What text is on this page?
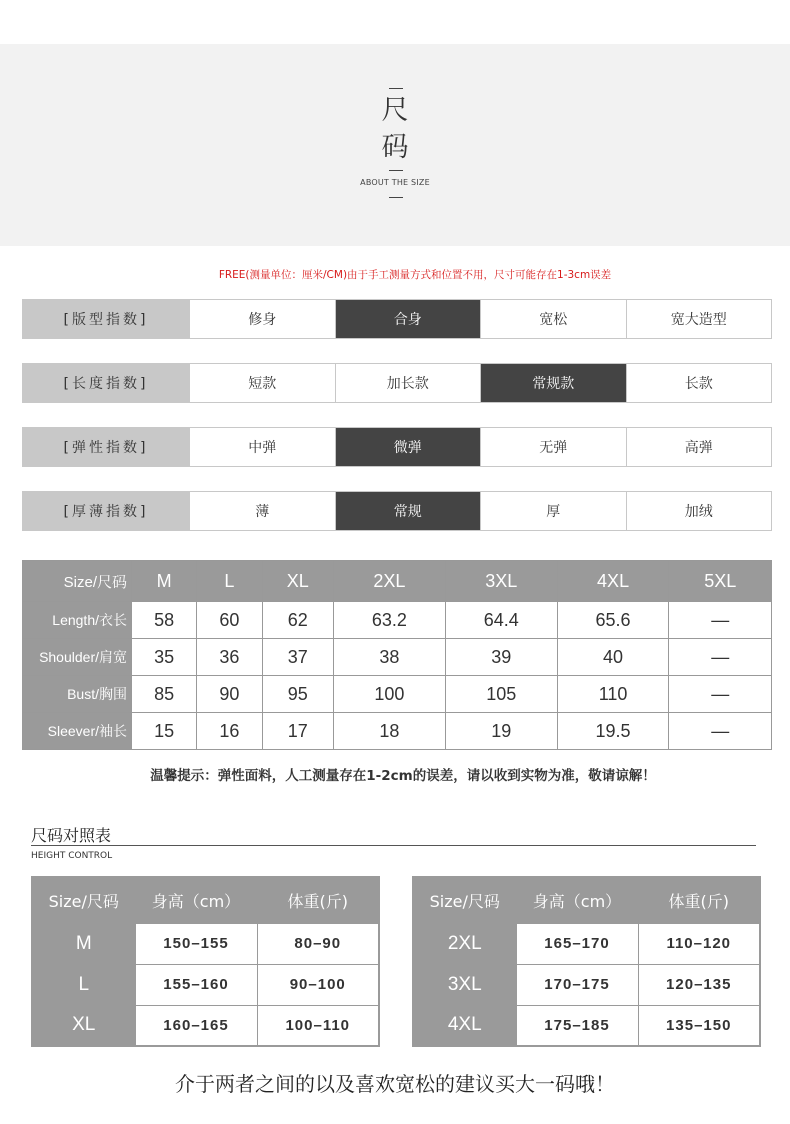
尺
码
ABOUT THE SIZE
FREE(测量单位：厘米/CM)由于手工测量方式和位置不用，尺寸可能存在1-3cm误差
[版型指数]	修身	合身	宽松	宽大造型
[长度指数]	短款	加长款	常规款	长款
[弹性指数]	中弹	微弹	无弹	高弹
[厚薄指数]	薄	常规	厚	加绒
Size/尺码	M	L	XL	2XL	3XL	4XL	5XL
Length/衣长	58	60	62	63.2	64.4	65.6	—
Shoulder/肩宽	35	36	37	38	39	40	—
Bust/胸围	85	90	95	100	105	110	—
Sleever/袖长	15	16	17	18	19	19.5	—
温馨提示：弹性面料，人工测量存在1-2cm的误差，请以收到实物为准，敬请谅解！
尺码对照表
HEIGHT CONTROL
Size/尺码	身高（cm）	体重(斤)
M	150–155	80–90
L	155–160	90–100
XL	160–165	100–110
Size/尺码	身高（cm）	体重(斤)
2XL	165–170	110–120
3XL	170–175	120–135
4XL	175–185	135–150
介于两者之间的以及喜欢宽松的建议买大一码哦！
